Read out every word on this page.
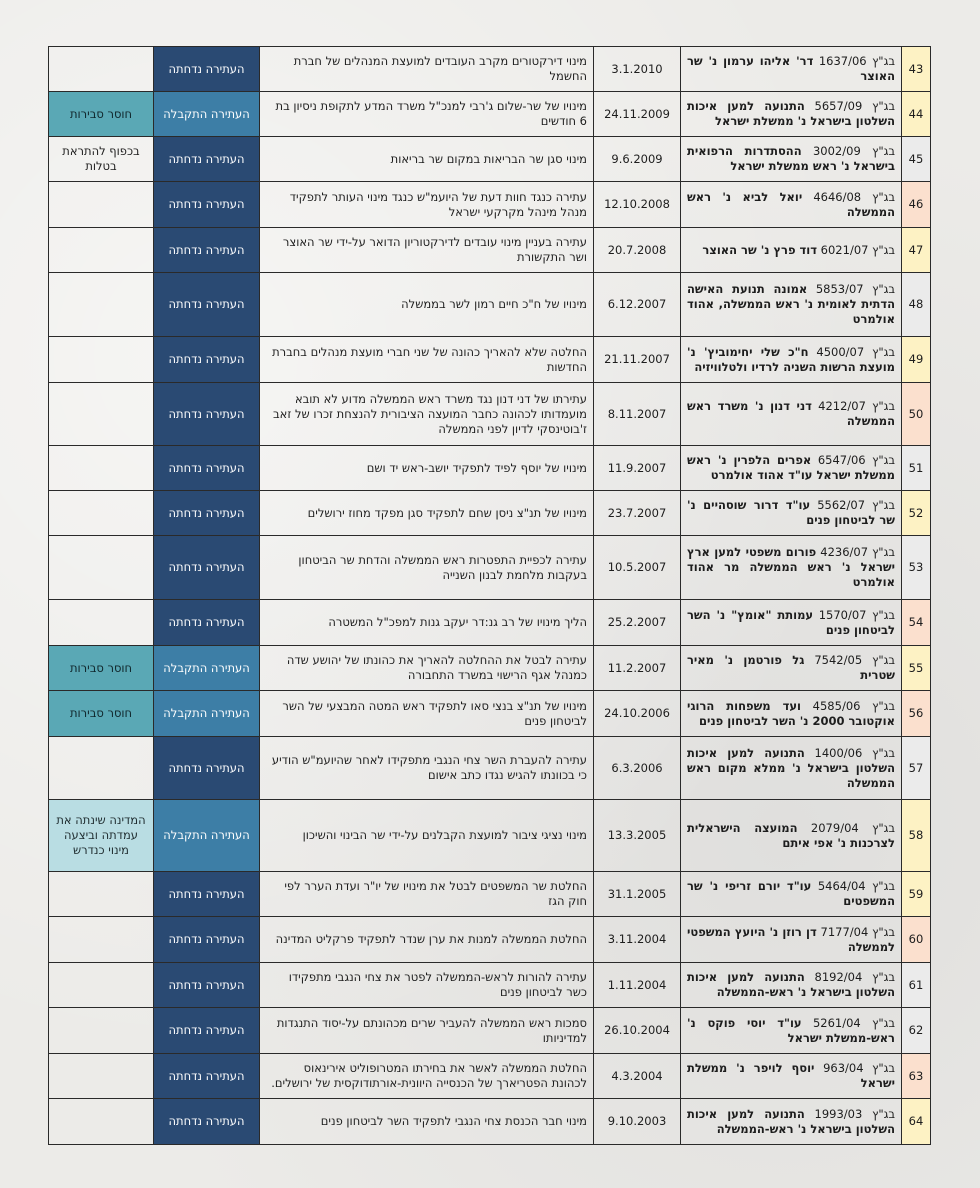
43	בג"ץ 1637/06 דר' אליהו ערמון נ' שר האוצר	3.1.2010	מינוי דירקטורים מקרב העובדים למועצת המנהלים של חברת החשמל	העתירה נדחתה	
44	בג"ץ 5657/09 התנועה למען איכות השלטון בישראל נ' ממשלת ישראל	24.11.2009	מינויו של שר-שלום ג'רבי למנכ"ל משרד המדע לתקופת ניסיון בת 6 חודשים	העתירה התקבלה	חוסר סבירות
45	בג"ץ 3002/09 ההסתדרות הרפואית בישראל נ' ראש ממשלת ישראל	9.6.2009	מינוי סגן שר הבריאות במקום שר בריאות	העתירה נדחתה	בכפוף להתראת בטלות
46	בג"ץ 4646/08 יואל לביא נ' ראש הממשלה	12.10.2008	עתירה כנגד חוות דעת של היועמ"ש כנגד מינוי העותר לתפקיד מנהל מינהל מקרקעי ישראל	העתירה נדחתה	
47	בג"ץ 6021/07 דוד פרץ נ' שר האוצר	20.7.2008	עתירה בעניין מינוי עובדים לדירקטוריון הדואר על-ידי שר האוצר ושר התקשורת	העתירה נדחתה	
48	בג"ץ 5853/07 אמונה תנועת האישה הדתית לאומית נ' ראש הממשלה, אהוד אולמרט	6.12.2007	מינויו של ח"כ חיים רמון לשר בממשלה	העתירה נדחתה	
49	בג"ץ 4500/07 ח"כ שלי יחימוביץ' נ' מועצת הרשות השניה לרדיו ולטלוויזיה	21.11.2007	החלטה שלא להאריך כהונה של שני חברי מועצת מנהלים בחברת החדשות	העתירה נדחתה	
50	בג"ץ 4212/07 דני דנון נ' משרד ראש הממשלה	8.11.2007	עתירתו של דני דנון נגד משרד ראש הממשלה מדוע לא תובא מועמדותו לכהונה כחבר המועצה הציבורית להנצחת זכרו של זאב ז'בוטינסקי לדיון לפני הממשלה	העתירה נדחתה	
51	בג"ץ 6547/06 אפרים הלפרין נ' ראש ממשלת ישראל עו"ד אהוד אולמרט	11.9.2007	מינויו של יוסף לפיד לתפקיד יושב-ראש יד ושם	העתירה נדחתה	
52	בג"ץ 5562/07 עו"ד דרור שוסהיים נ' שר לביטחון פנים	23.7.2007	מינויו של תנ"צ ניסן שחם לתפקיד סגן מפקד מחוז ירושלים	העתירה נדחתה	
53	בג"ץ 4236/07 פורום משפטי למען ארץ ישראל נ' ראש הממשלה מר אהוד אולמרט	10.5.2007	עתירה לכפיית התפטרות ראש הממשלה והדחת שר הביטחון בעקבות מלחמת לבנון השנייה	העתירה נדחתה	
54	בג"ץ 1570/07 עמותת "אומץ" נ' השר לביטחון פנים	25.2.2007	הליך מינויו של רב גנ:דר יעקב גנות למפכ"ל המשטרה	העתירה נדחתה	
55	בג"ץ 7542/05 גל פורטמן נ' מאיר שטרית	11.2.2007	עתירה לבטל את ההחלטה להאריך את כהונתו של יהושע שדה כמנהל אגף הרישוי במשרד התחבורה	העתירה התקבלה	חוסר סבירות
56	בג"ץ 4585/06 ועד משפחות הרוגי אוקטובר 2000 נ' השר לביטחון פנים	24.10.2006	מינויו של תנ"צ בנצי סאו לתפקיד ראש המטה המבצעי של השר לביטחון פנים	העתירה התקבלה	חוסר סבירות
57	בג"ץ 1400/06 התנועה למען איכות השלטון בישראל נ' ממלא מקום ראש הממשלה	6.3.2006	עתירה להעברת השר צחי הנגבי מתפקידו לאחר שהיועמ"ש הודיע כי בכוונתו להגיש נגדו כתב אישום	העתירה נדחתה	
58	בג"ץ 2079/04 המועצה הישראלית לצרכנות נ' אפי איתם	13.3.2005	מינוי נציגי ציבור למועצת הקבלנים על-ידי שר הבינוי והשיכון	העתירה התקבלה	המדינה שינתה את עמדתה וביצעה מינוי כנדרש
59	בג"ץ 5464/04 עו"ד יורם זריפי נ' שר המשפטים	31.1.2005	החלטת שר המשפטים לבטל את מינויו של יו"ר ועדת הערר לפי חוק הגז	העתירה נדחתה	
60	בג"ץ 7177/04 דן רוזן נ' היועץ המשפטי לממשלה	3.11.2004	החלטת הממשלה למנות את ערן שנדר לתפקיד פרקליט המדינה	העתירה נדחתה	
61	בג"ץ 8192/04 התנועה למען איכות השלטון בישראל נ' ראש-הממשלה	1.11.2004	עתירה להורות לראש-הממשלה לפטר את צחי הנגבי מתפקידו כשר לביטחון פנים	העתירה נדחתה	
62	בג"ץ 5261/04 עו"ד יוסי פוקס נ' ראש-ממשלת ישראל	26.10.2004	סמכות ראש הממשלה להעביר שרים מכהונתם על-יסוד התנגדות למדיניותו	העתירה נדחתה	
63	בג"ץ 963/04 יוסף לויפר נ' ממשלת ישראל	4.3.2004	החלטת הממשלה לאשר את בחירתו המטרופוליט אירינאוס לכהונת הפטריארך של הכנסייה היוונית-אורתודוקסית של ירושלים.	העתירה נדחתה	
64	בג"ץ 1993/03 התנועה למען איכות השלטון בישראל נ' ראש-הממשלה	9.10.2003	מינוי חבר הכנסת צחי הנגבי לתפקיד השר לביטחון פנים	העתירה נדחתה	
